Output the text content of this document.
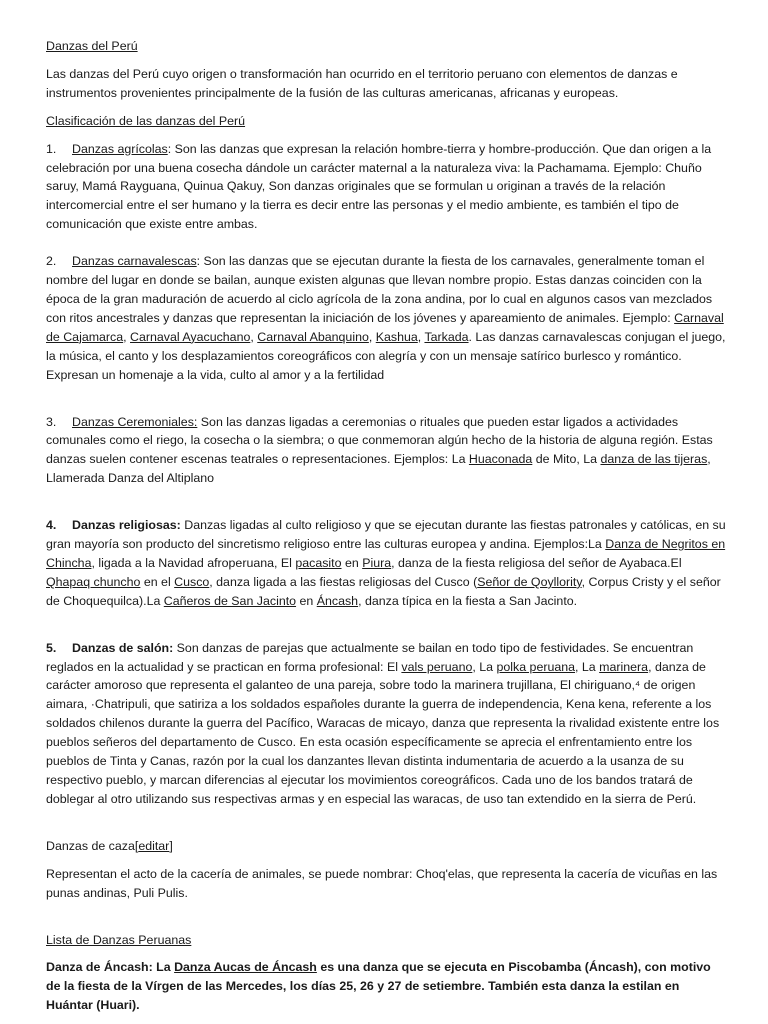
Danzas del Perú

Las danzas del Perú cuyo origen o transformación han ocurrido en el territorio peruano con elementos de danzas e instrumentos provenientes principalmente de la fusión de las culturas americanas, africanas y europeas.

Clasificación de las danzas del Perú

1. Danzas agrícolas: Son las danzas que expresan la relación hombre-tierra y hombre-producción. Que dan origen a la celebración por una buena cosecha dándole un carácter maternal a la naturaleza viva: la Pachamama. Ejemplo: Chuño saruy, Mamá Rayguana, Quinua Qakuy, Son danzas originales que se formulan u originan a través de la relación intercomercial entre el ser humano y la tierra es decir entre las personas y el medio ambiente, es también el tipo de comunicación que existe entre ambas.

2. Danzas carnavalescas: Son las danzas que se ejecutan durante la fiesta de los carnavales, generalmente toman el nombre del lugar en donde se bailan, aunque existen algunas que llevan nombre propio. Estas danzas coinciden con la época de la gran maduración de acuerdo al ciclo agrícola de la zona andina, por lo cual en algunos casos van mezclados con ritos ancestrales y danzas que representan la iniciación de los jóvenes y apareamiento de animales. Ejemplo: Carnaval de Cajamarca, Carnaval Ayacuchano, Carnaval Abanquino, Kashua, Tarkada. Las danzas carnavalescas conjugan el juego, la música, el canto y los desplazamientos coreográficos con alegría y con un mensaje satírico burlesco y romántico. Expresan un homenaje a la vida, culto al amor y a la fertilidad

3. Danzas Ceremoniales: Son las danzas ligadas a ceremonias o rituales que pueden estar ligados a actividades comunales como el riego, la cosecha o la siembra; o que conmemoran algún hecho de la historia de alguna región. Estas danzas suelen contener escenas teatrales o representaciones. Ejemplos: La Huaconada de Mito, La danza de las tijeras, Llamerada Danza del Altiplano

4. Danzas religiosas: Danzas ligadas al culto religioso y que se ejecutan durante las fiestas patronales y católicas, en su gran mayoría son producto del sincretismo religioso entre las culturas europea y andina. Ejemplos:La Danza de Negritos en Chincha, ligada a la Navidad afroperuana, El pacasito en Piura, danza de la fiesta religiosa del señor de Ayabaca.El Qhapaq chuncho en el Cusco, danza ligada a las fiestas religiosas del Cusco (Señor de Qoyllority, Corpus Cristy y el señor de Choquequilca).La Cañeros de San Jacinto en Áncash, danza típica en la fiesta a San Jacinto.

5. Danzas de salón: Son danzas de parejas que actualmente se bailan en todo tipo de festividades. Se encuentran reglados en la actualidad y se practican en forma profesional: El vals peruano, La polka peruana, La marinera, danza de carácter amoroso que representa el galanteo de una pareja, sobre todo la marinera trujillana, El chiriguano,⁴ de origen aimara, ·Chatripuli, que satiriza a los soldados españoles durante la guerra de independencia, Kena kena, referente a los soldados chilenos durante la guerra del Pacífico, Waracas de micayo, danza que representa la rivalidad existente entre los pueblos señeros del departamento de Cusco. En esta ocasión específicamente se aprecia el enfrentamiento entre los pueblos de Tinta y Canas, razón por la cual los danzantes llevan distinta indumentaria de acuerdo a la usanza de su respectivo pueblo, y marcan diferencias al ejecutar los movimientos coreográficos. Cada uno de los bandos tratará de doblegar al otro utilizando sus respectivas armas y en especial las waracas, de uso tan extendido en la sierra de Perú.

Danzas de caza[editar]

Representan el acto de la cacería de animales, se puede nombrar: Choq'elas, que representa la cacería de vicuñas en las punas andinas, Puli Pulis.

Lista de Danzas Peruanas

Danza de Áncash: La Danza Aucas de Áncash es una danza que se ejecuta en Piscobamba (Áncash), con motivo de la fiesta de la Vírgen de las Mercedes, los días 25, 26 y 27 de setiembre. También esta danza la estilan en Huántar (Huari).
